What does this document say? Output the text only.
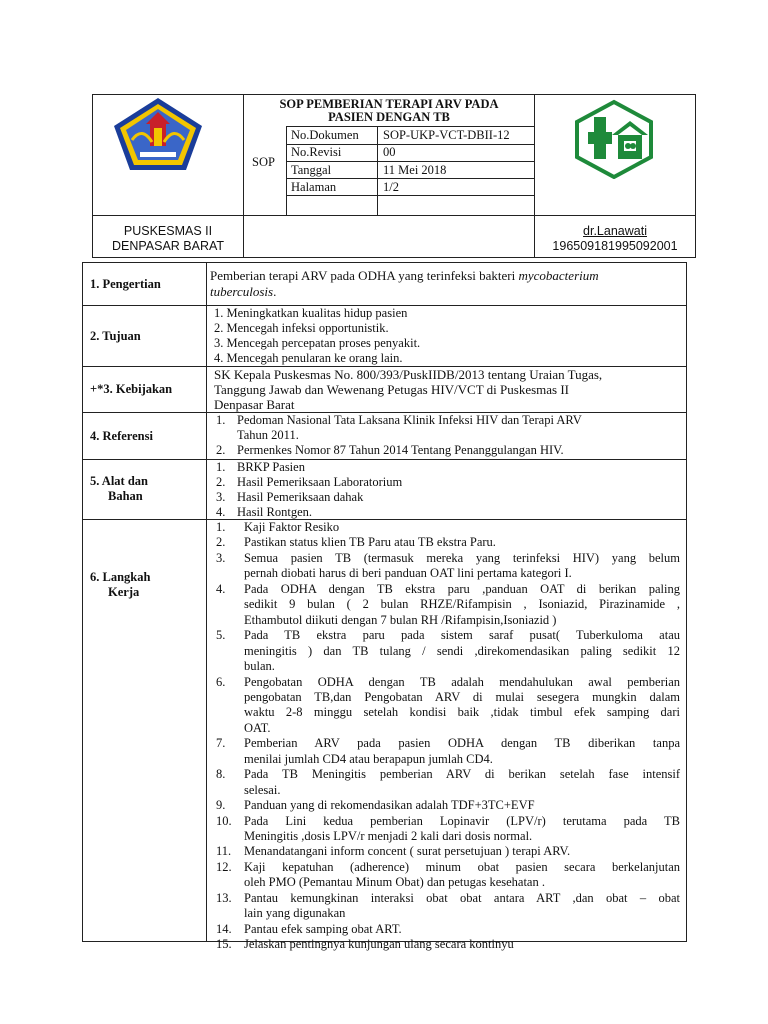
SOP PEMBERIAN TERAPI ARV PADA
PASIEN DENGAN TB
SOP
No.Dokumen SOP-UKP-VCT-DBII-12
No.Revisi	00
Tanggal	11 Mei 2018
Halaman	1/2
PUSKESMAS II
DENPASAR BARAT
dr.Lanawati
196509181995092001
1. Pengertian
Pemberian terapi ARV pada ODHA yang terinfeksi bakteri mycobacterium
tuberculosis.
2. Tujuan
1. Meningkatkan kualitas hidup pasien
2. Mencegah infeksi opportunistik.
3. Mencegah percepatan proses penyakit.
4. Mencegah penularan ke orang lain.
+*3. Kebijakan
SK Kepala Puskesmas No. 800/393/PuskIIDB/2013 tentang Uraian Tugas,
Tanggung Jawab dan Wewenang Petugas HIV/VCT di Puskesmas II
Denpasar Barat
4. Referensi
1. Pedoman Nasional Tata Laksana Klinik Infeksi HIV dan Terapi ARV
Tahun 2011.
2. Permenkes Nomor 87 Tahun 2014 Tentang Penanggulangan HIV.
5. Alat dan
Bahan
1. BRKP Pasien
2. Hasil Pemeriksaan Laboratorium
3. Hasil Pemeriksaan dahak
4. Hasil Rontgen.
6. Langkah
Kerja
1. Kaji Faktor Resiko
2. Pastikan status klien TB Paru atau TB ekstra Paru.
3. Semua pasien TB (termasuk mereka yang terinfeksi HIV) yang belum
pernah diobati harus di beri panduan OAT lini pertama kategori I.
4. Pada ODHA dengan TB ekstra paru ,panduan OAT di berikan paling
sedikit 9 bulan ( 2 bulan RHZE/Rifampisin , Isoniazid, Pirazinamide ,
Ethambutol diikuti dengan 7 bulan RH /Rifampisin,Isoniazid )
5. Pada TB ekstra paru pada sistem saraf pusat( Tuberkuloma atau
meningitis ) dan TB tulang / sendi ,direkomendasikan paling sedikit 12
bulan.
6. Pengobatan ODHA dengan TB adalah mendahulukan awal pemberian
pengobatan TB,dan Pengobatan ARV di mulai sesegera mungkin dalam
waktu 2-8 minggu setelah kondisi baik ,tidak timbul efek samping dari
OAT.
7. Pemberian ARV pada pasien ODHA dengan TB diberikan tanpa
menilai jumlah CD4 atau berapapun jumlah CD4.
8. Pada TB Meningitis pemberian ARV di berikan setelah fase intensif
selesai.
9. Panduan yang di rekomendasikan adalah TDF+3TC+EVF
10. Pada Lini kedua pemberian Lopinavir (LPV/r) terutama pada TB
Meningitis ,dosis LPV/r menjadi 2 kali dari dosis normal.
11. Menandatangani inform concent ( surat persetujuan ) terapi ARV.
12. Kaji kepatuhan (adherence) minum obat pasien secara berkelanjutan
oleh PMO (Pemantau Minum Obat) dan petugas kesehatan .
13. Pantau kemungkinan interaksi obat obat antara ART ,dan obat – obat
lain yang digunakan
14. Pantau efek samping obat ART.
15. Jelaskan pentingnya kunjungan ulang secara kontinyu
